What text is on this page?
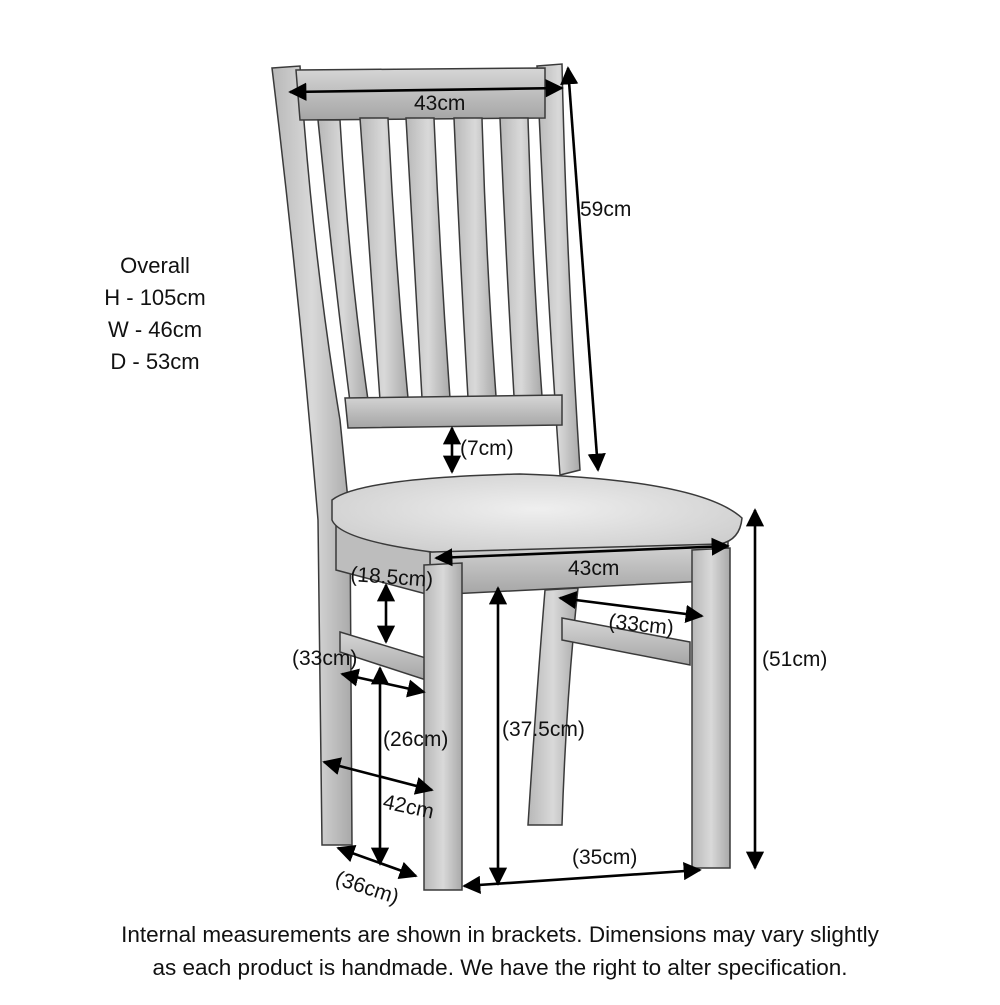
43cm
59cm
(7cm)
(18.5cm)	43cm
(33cm)
(51cm)
(33cm)
(26cm)	(37.5cm)
42cm
(35cm)
(36cm)
Overall
H - 105cm
W - 46cm
D - 53cm
Internal measurements are shown in brackets. Dimensions may vary slightly
as each product is handmade. We have the right to alter specification.
